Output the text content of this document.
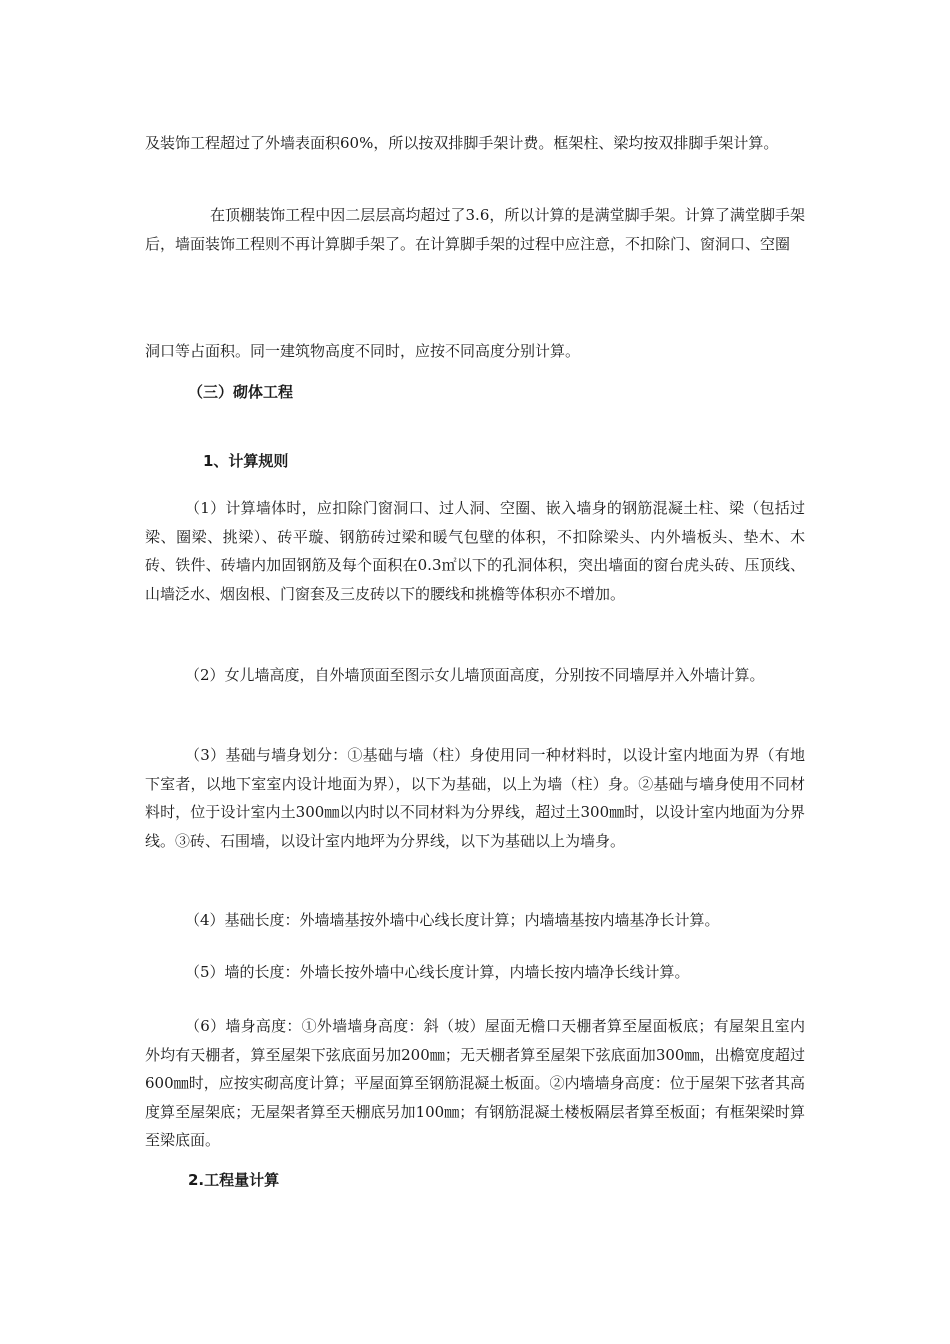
及装饰工程超过了外墙表面积60%，所以按双排脚手架计费。框架柱、梁均按双排脚手架计算。

在顶棚装饰工程中因二层层高均超过了3.6，所以计算的是满堂脚手架。计算了满堂脚手架后，墙面装饰工程则不再计算脚手架了。在计算脚手架的过程中应注意，不扣除门、窗洞口、空圈

洞口等占面积。同一建筑物高度不同时，应按不同高度分别计算。

（三）砌体工程
1、计算规则

（1）计算墙体时，应扣除门窗洞口、过人洞、空圈、嵌入墙身的钢筋混凝土柱、梁（包括过梁、圈梁、挑梁）、砖平璇、钢筋砖过梁和暖气包壁的体积，不扣除梁头、内外墙板头、垫木、木砖、铁件、砖墙内加固钢筋及每个面积在0.3㎡以下的孔洞体积，突出墙面的窗台虎头砖、压顶线、山墙泛水、烟囱根、门窗套及三皮砖以下的腰线和挑檐等体积亦不增加。

（2）女儿墙高度，自外墙顶面至图示女儿墙顶面高度，分别按不同墙厚并入外墙计算。

（3）基础与墙身划分：①基础与墙（柱）身使用同一种材料时，以设计室内地面为界（有地下室者，以地下室室内设计地面为界），以下为基础，以上为墙（柱）身。②基础与墙身使用不同材料时，位于设计室内土300㎜以内时以不同材料为分界线，超过土300㎜时，以设计室内地面为分界线。③砖、石围墙，以设计室内地坪为分界线，以下为基础以上为墙身。

（4）基础长度：外墙墙基按外墙中心线长度计算；内墙墙基按内墙基净长计算。

（5）墙的长度：外墙长按外墙中心线长度计算，内墙长按内墙净长线计算。

（6）墙身高度：①外墙墙身高度：斜（坡）屋面无檐口天棚者算至屋面板底；有屋架且室内外均有天棚者，算至屋架下弦底面另加200㎜；无天棚者算至屋架下弦底面加300㎜，出檐宽度超过600㎜时，应按实砌高度计算；平屋面算至钢筋混凝土板面。②内墙墙身高度：位于屋架下弦者其高度算至屋架底；无屋架者算至天棚底另加100㎜；有钢筋混凝土楼板隔层者算至板面；有框架梁时算至梁底面。

2.工程量计算
